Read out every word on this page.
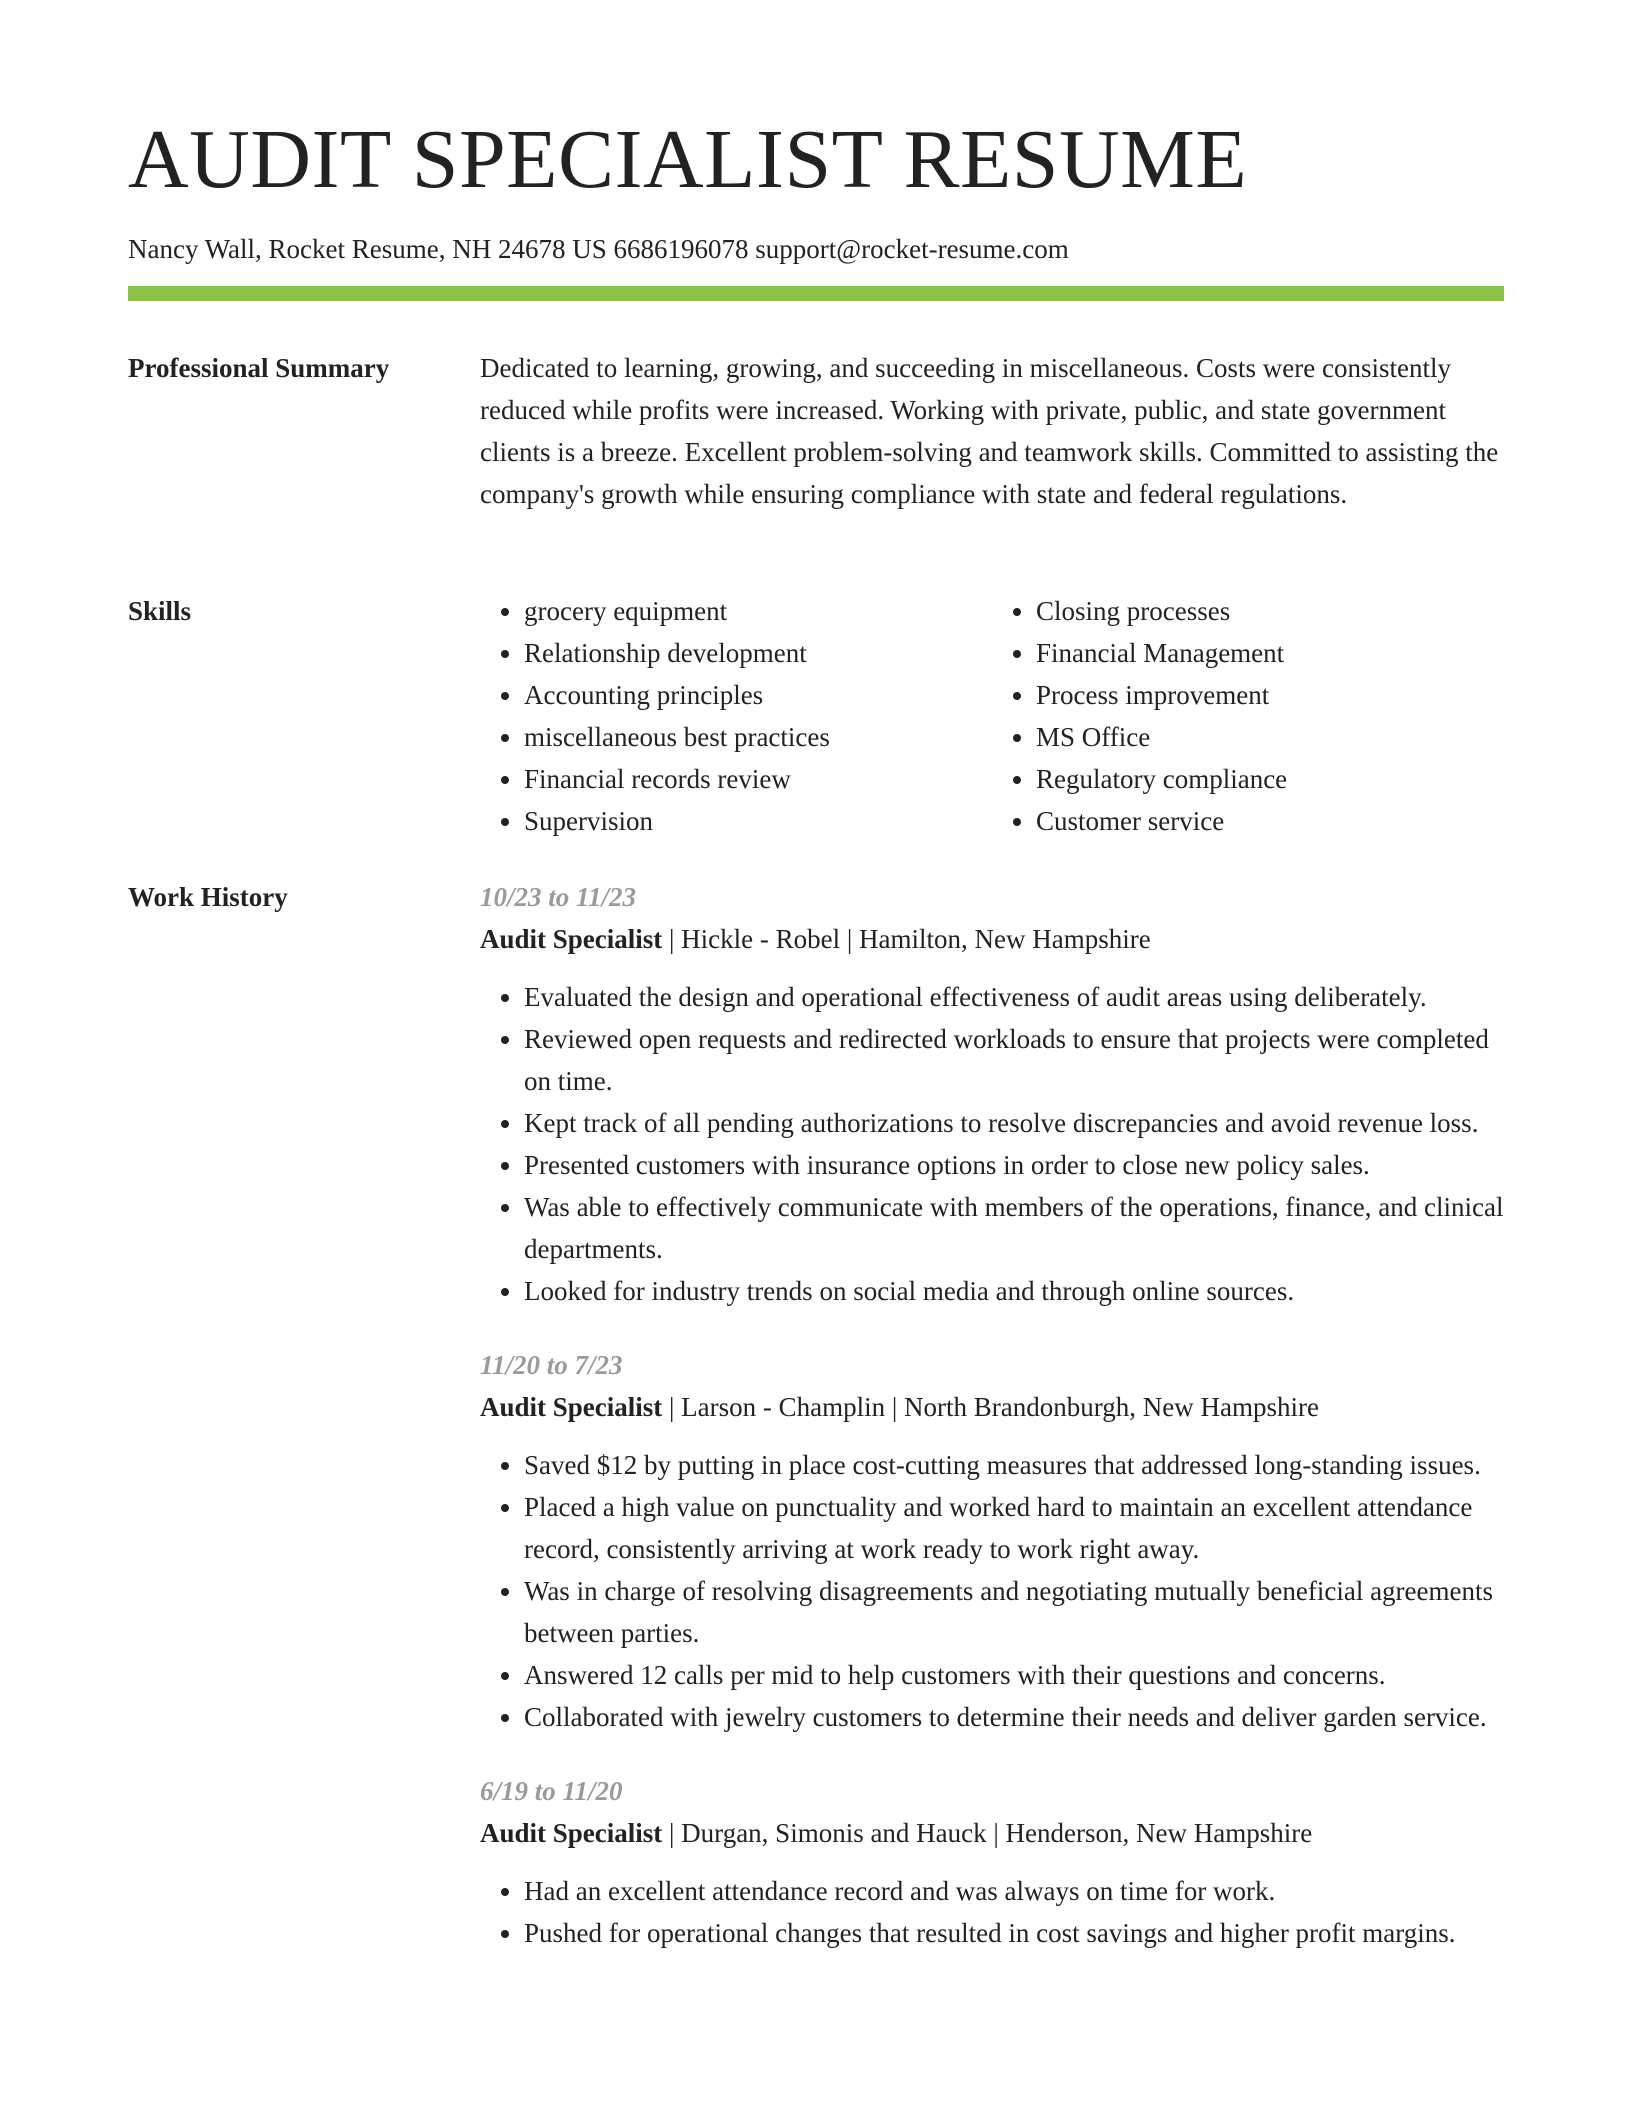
AUDIT SPECIALIST RESUME
Nancy Wall, Rocket Resume, NH 24678 US 6686196078 support@rocket-resume.com
Professional Summary	Dedicated to learning, growing, and succeeding in miscellaneous. Costs were consistently reduced while profits were increased. Working with private, public, and state government clients is a breeze. Excellent problem-solving and teamwork skills. Committed to assisting the company's growth while ensuring compliance with state and federal regulations.

Skills
•	grocery equipment
• Relationship development
• Accounting principles
• miscellaneous best practices
• Financial records review
• Supervision
• Closing processes
• Financial Management
• Process improvement
• MS Office
• Regulatory compliance
• Customer service
Work History	10/23 to 11/23
Audit Specialist | Hickle - Robel | Hamilton, New Hampshire
• Evaluated the design and operational effectiveness of audit areas using deliberately.
• Reviewed open requests and redirected workloads to ensure that projects were completed on time.
• Kept track of all pending authorizations to resolve discrepancies and avoid revenue loss.
• Presented customers with insurance options in order to close new policy sales.
• Was able to effectively communicate with members of the operations, finance, and clinical departments.
• Looked for industry trends on social media and through online sources.
11/20 to 7/23
Audit Specialist | Larson - Champlin | North Brandonburgh, New Hampshire
• Saved $12 by putting in place cost-cutting measures that addressed long-standing issues.
• Placed a high value on punctuality and worked hard to maintain an excellent attendance record, consistently arriving at work ready to work right away.
• Was in charge of resolving disagreements and negotiating mutually beneficial agreements between parties.
• Answered 12 calls per mid to help customers with their questions and concerns.
• Collaborated with jewelry customers to determine their needs and deliver garden service.
6/19 to 11/20
Audit Specialist | Durgan, Simonis and Hauck | Henderson, New Hampshire
• Had an excellent attendance record and was always on time for work.
• Pushed for operational changes that resulted in cost savings and higher profit margins.
